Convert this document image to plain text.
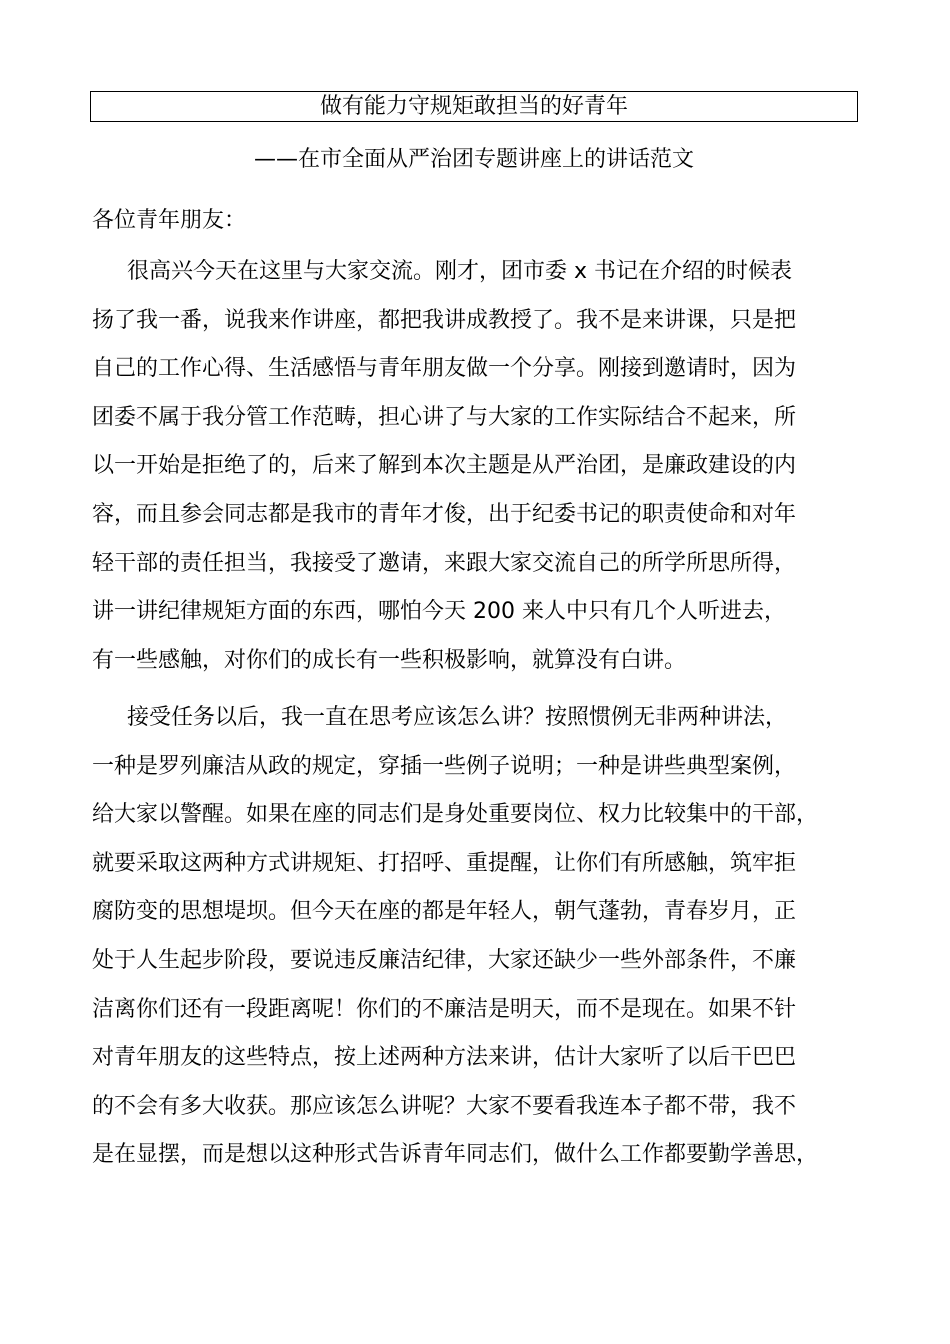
做有能力守规矩敢担当的好青年
——在市全面从严治团专题讲座上的讲话范文
各位青年朋友：
很高兴今天在这里与大家交流。刚才，团市委 x 书记在介绍的时候表
扬了我一番，说我来作讲座，都把我讲成教授了。我不是来讲课，只是把
自己的工作心得、生活感悟与青年朋友做一个分享。刚接到邀请时，因为
团委不属于我分管工作范畴，担心讲了与大家的工作实际结合不起来，所
以一开始是拒绝了的，后来了解到本次主题是从严治团，是廉政建设的内
容，而且参会同志都是我市的青年才俊，出于纪委书记的职责使命和对年
轻干部的责任担当，我接受了邀请，来跟大家交流自己的所学所思所得，
讲一讲纪律规矩方面的东西，哪怕今天 200 来人中只有几个人听进去，
有一些感触，对你们的成长有一些积极影响，就算没有白讲。
接受任务以后，我一直在思考应该怎么讲？按照惯例无非两种讲法，
一种是罗列廉洁从政的规定，穿插一些例子说明；一种是讲些典型案例，
给大家以警醒。如果在座的同志们是身处重要岗位、权力比较集中的干部，
就要采取这两种方式讲规矩、打招呼、重提醒，让你们有所感触，筑牢拒
腐防变的思想堤坝。但今天在座的都是年轻人，朝气蓬勃，青春岁月，正
处于人生起步阶段，要说违反廉洁纪律，大家还缺少一些外部条件，不廉
洁离你们还有一段距离呢！你们的不廉洁是明天，而不是现在。如果不针
对青年朋友的这些特点，按上述两种方法来讲，估计大家听了以后干巴巴
的不会有多大收获。那应该怎么讲呢？大家不要看我连本子都不带，我不
是在显摆，而是想以这种形式告诉青年同志们，做什么工作都要勤学善思，
